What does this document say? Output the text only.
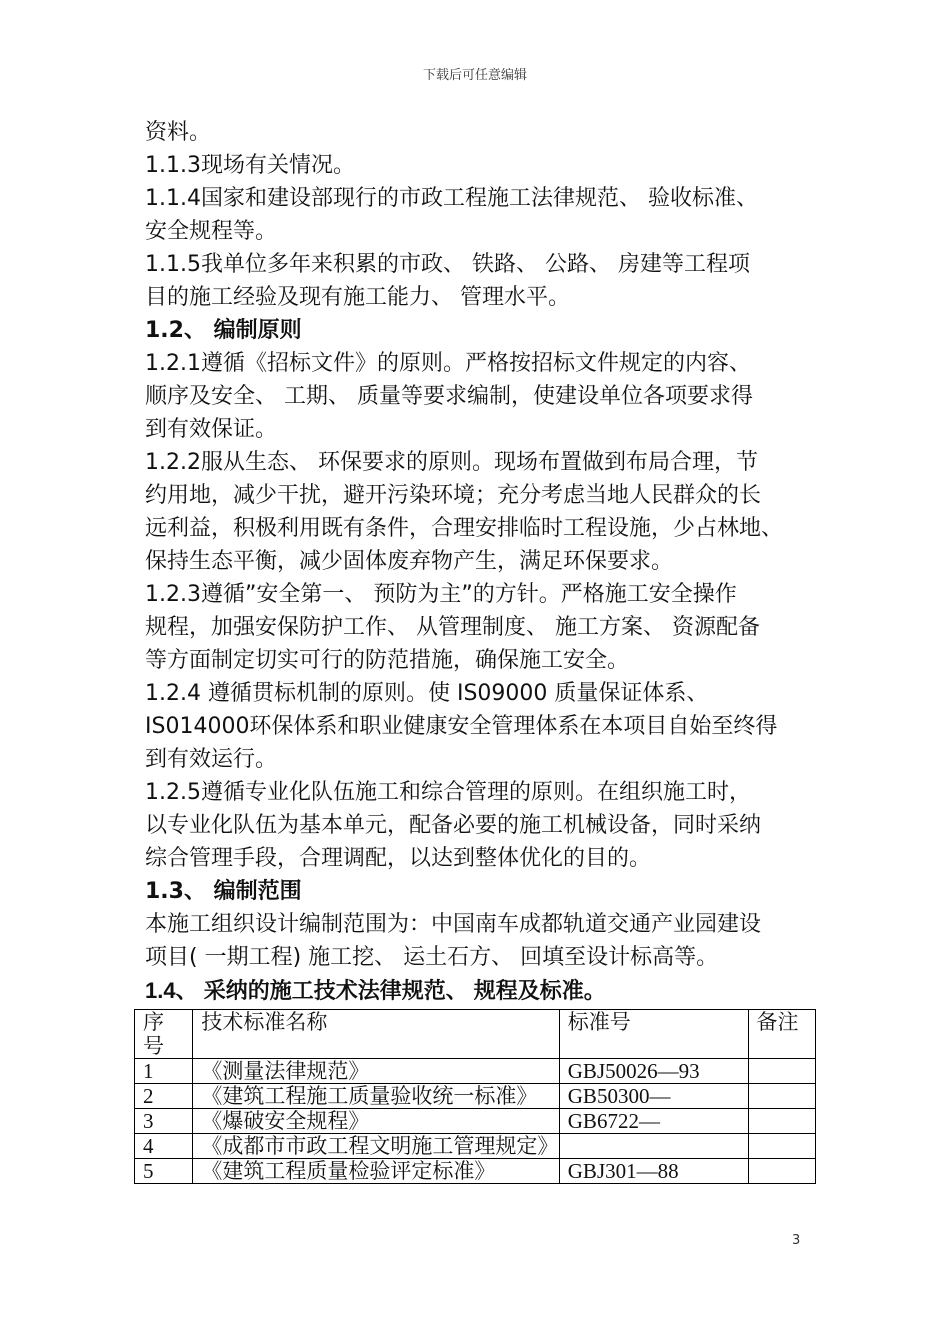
下载后可任意编辑
资料。
1.1.3现场有关情况。
1.1.4国家和建设部现行的市政工程施工法律规范、 验收标准、
安全规程等。
1.1.5我单位多年来积累的市政、 铁路、 公路、 房建等工程项
目的施工经验及现有施工能力、 管理水平。
1.2、 编制原则
1.2.1遵循《招标文件》的原则。严格按招标文件规定的内容、
顺序及安全、 工期、 质量等要求编制，使建设单位各项要求得
到有效保证。
1.2.2服从生态、 环保要求的原则。现场布置做到布局合理，节
约用地，减少干扰，避开污染环境；充分考虑当地人民群众的长
远利益，积极利用既有条件，合理安排临时工程设施，少占林地、
保持生态平衡，减少固体废弃物产生，满足环保要求。
1.2.3遵循”安全第一、 预防为主”的方针。严格施工安全操作
规程，加强安保防护工作、 从管理制度、 施工方案、 资源配备
等方面制定切实可行的防范措施，确保施工安全。
1.2.4 遵循贯标机制的原则。使 IS09000 质量保证体系、
IS014000环保体系和职业健康安全管理体系在本项目自始至终得
到有效运行。
1.2.5遵循专业化队伍施工和综合管理的原则。在组织施工时，
以专业化队伍为基本单元，配备必要的施工机械设备，同时采纳
综合管理手段，合理调配，以达到整体优化的目的。
1.3、 编制范围
本施工组织设计编制范围为：中国南车成都轨道交通产业园建设
项目( 一期工程) 施工挖、 运土石方、 回填至设计标高等。
1.4、 采纳的施工技术法律规范、 规程及标准。
序号	技术标准名称	标准号	备注
1	《测量法律规范》	GBJ50026—93	
2	《建筑工程施工质量验收统一标准》	GB50300—	
3	《爆破安全规程》	GB6722—	
4	《成都市市政工程文明施工管理规定》		
5	《建筑工程质量检验评定标准》	GBJ301—88	
3
